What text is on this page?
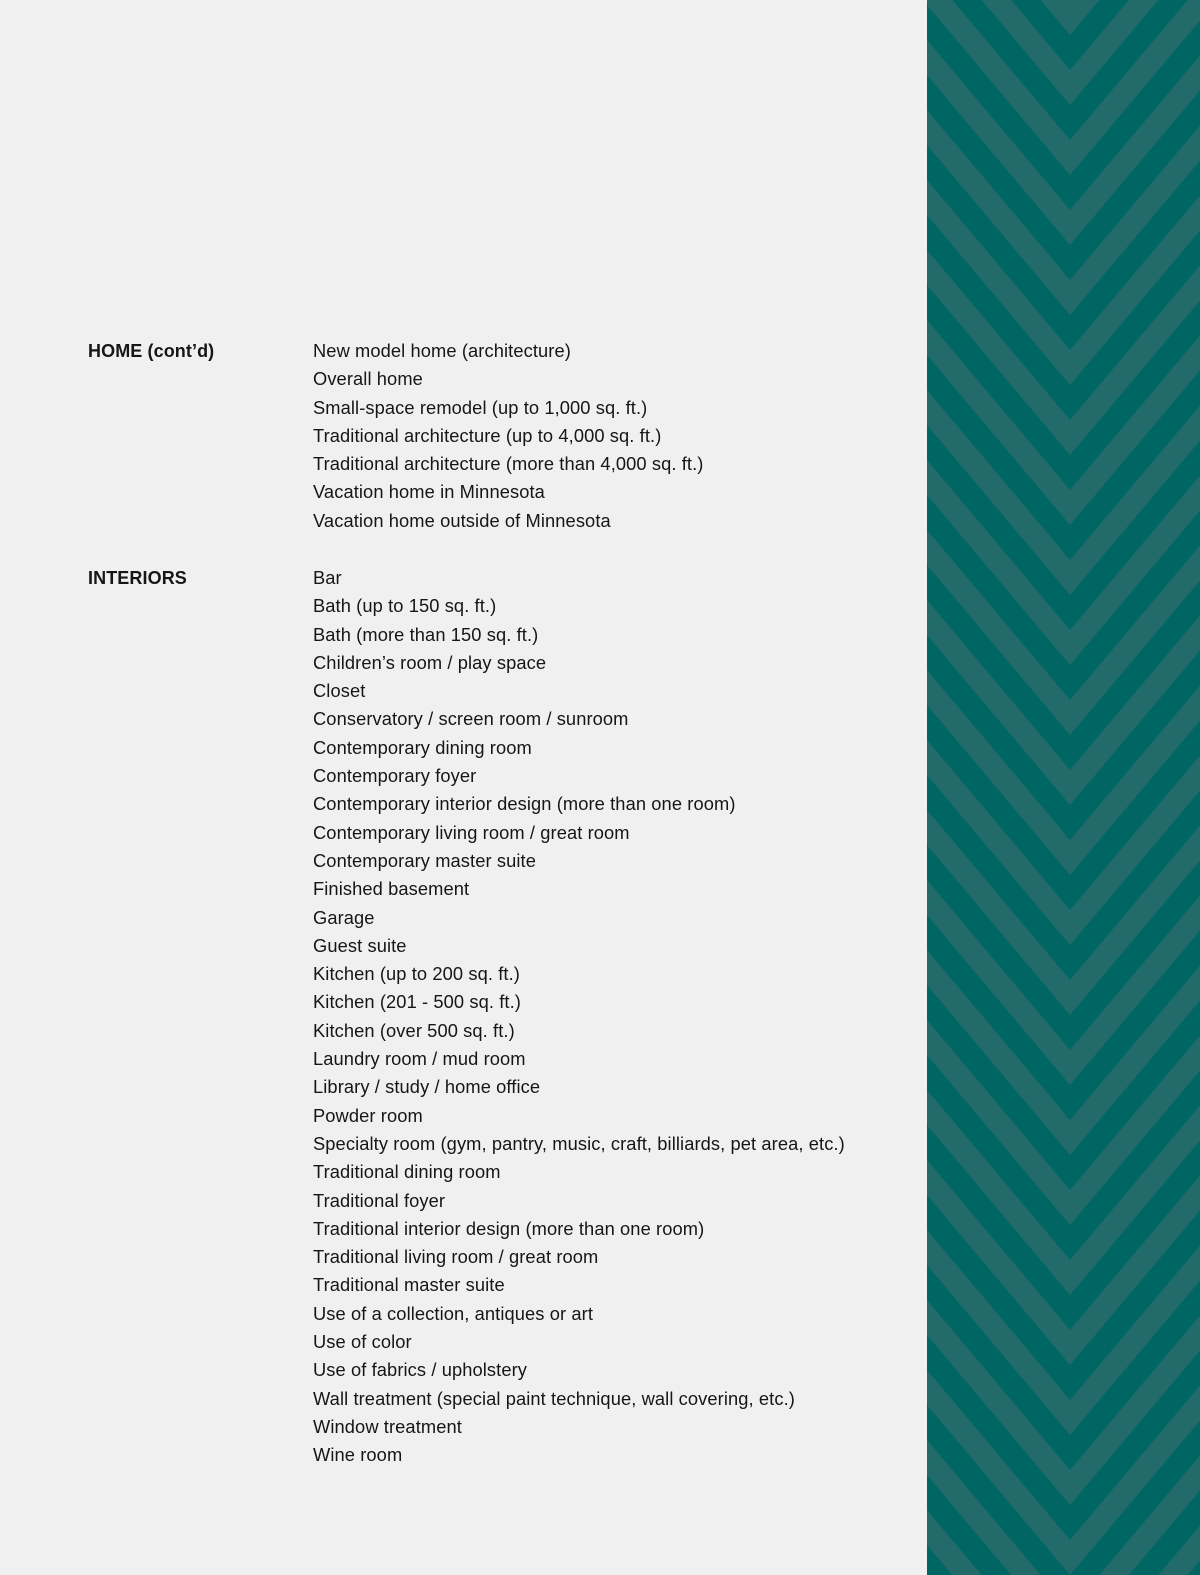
HOME (cont’d)	New model home (architecture)
Overall home
Small-space remodel (up to 1,000 sq. ft.)
Traditional architecture (up to 4,000 sq. ft.)
Traditional architecture (more than 4,000 sq. ft.)
Vacation home in Minnesota
Vacation home outside of Minnesota
INTERIORS	Bar
Bath (up to 150 sq. ft.)
Bath (more than 150 sq. ft.)
Children’s room / play space
Closet
Conservatory / screen room / sunroom
Contemporary dining room
Contemporary foyer
Contemporary interior design (more than one room)
Contemporary living room / great room
Contemporary master suite
Finished basement
Garage
Guest suite
Kitchen (up to 200 sq. ft.)
Kitchen (201 - 500 sq. ft.)
Kitchen (over 500 sq. ft.)
Laundry room / mud room
Library / study / home office
Powder room
Specialty room (gym, pantry, music, craft, billiards, pet area, etc.)
Traditional dining room
Traditional foyer
Traditional interior design (more than one room)
Traditional living room / great room
Traditional master suite
Use of a collection, antiques or art
Use of color
Use of fabrics / upholstery
Wall treatment (special paint technique, wall covering, etc.)
Window treatment
Wine room
